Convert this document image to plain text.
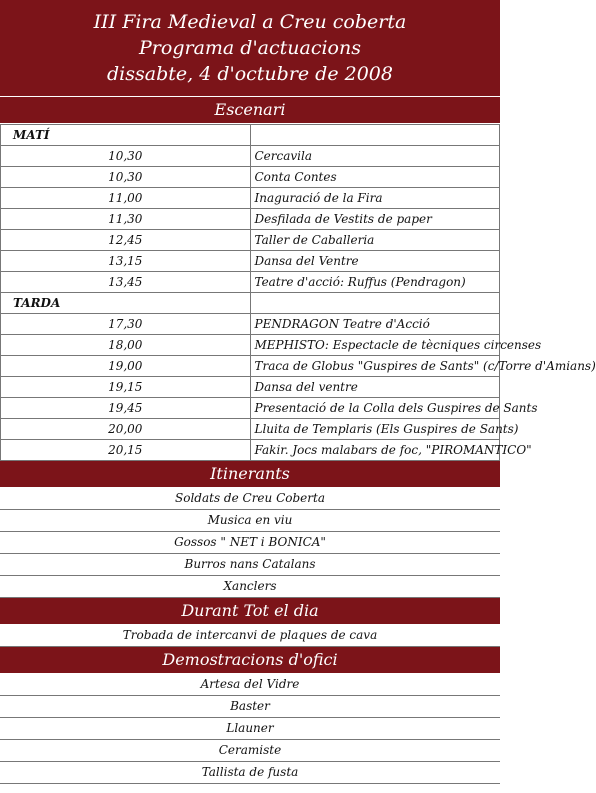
III Fira Medieval a Creu coberta
Programa d'actuacions
dissabte, 4 d'octubre de 2008
Escenari
MATÍ	
10,30	Cercavila
10,30	Conta Contes
11,00	Inaguració de la Fira
11,30	Desfilada de Vestits de paper
12,45	Taller de Caballeria
13,15	Dansa del Ventre
13,45	Teatre d'acció: Ruffus (Pendragon)
TARDA	
17,30	PENDRAGON Teatre d'Acció
18,00	MEPHISTO: Espectacle de tècniques circenses
19,00	Traca de Globus "Guspires de Sants" (c/Torre d'Amians)
19,15	Dansa del ventre
19,45	Presentació de la Colla dels Guspires de Sants
20,00	Lluita de Templaris (Els Guspires de Sants)
20,15	Fakir. Jocs malabars de foc, "PIROMANTICO"
Itinerants
Soldats de Creu Coberta
Musica en viu
Gossos " NET i BONICA"
Burros nans Catalans
Xanclers
Durant Tot el dia
Trobada de intercanvi de plaques de cava
Demostracions d'ofici
Artesa del Vidre
Baster
Llauner
Ceramiste
Tallista de fusta
